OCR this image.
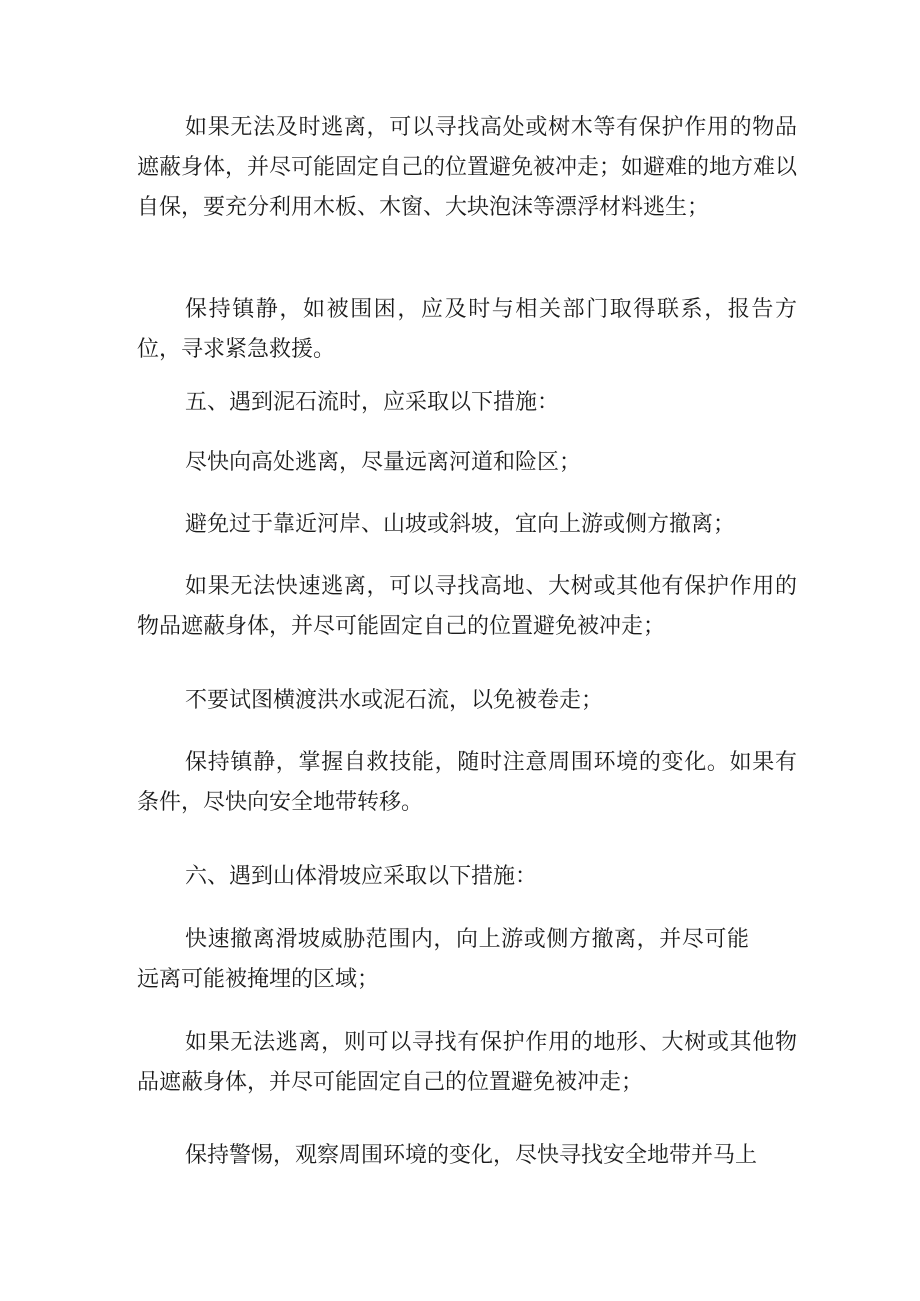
如果无法及时逃离，可以寻找高处或树木等有保护作用的物品遮蔽身体，并尽可能固定自己的位置避免被冲走；如避难的地方难以自保，要充分利用木板、木窗、大块泡沫等漂浮材料逃生；

保持镇静，如被围困，应及时与相关部门取得联系，报告方位，寻求紧急救援。

五、遇到泥石流时，应采取以下措施：

尽快向高处逃离，尽量远离河道和险区；

避免过于靠近河岸、山坡或斜坡，宜向上游或侧方撤离；

如果无法快速逃离，可以寻找高地、大树或其他有保护作用的物品遮蔽身体，并尽可能固定自己的位置避免被冲走；

不要试图横渡洪水或泥石流，以免被卷走；

保持镇静，掌握自救技能，随时注意周围环境的变化。如果有条件，尽快向安全地带转移。

六、遇到山体滑坡应采取以下措施：

快速撤离滑坡威胁范围内，向上游或侧方撤离，并尽可能远离可能被掩埋的区域；

如果无法逃离，则可以寻找有保护作用的地形、大树或其他物品遮蔽身体，并尽可能固定自己的位置避免被冲走；

保持警惕，观察周围环境的变化，尽快寻找安全地带并马上
